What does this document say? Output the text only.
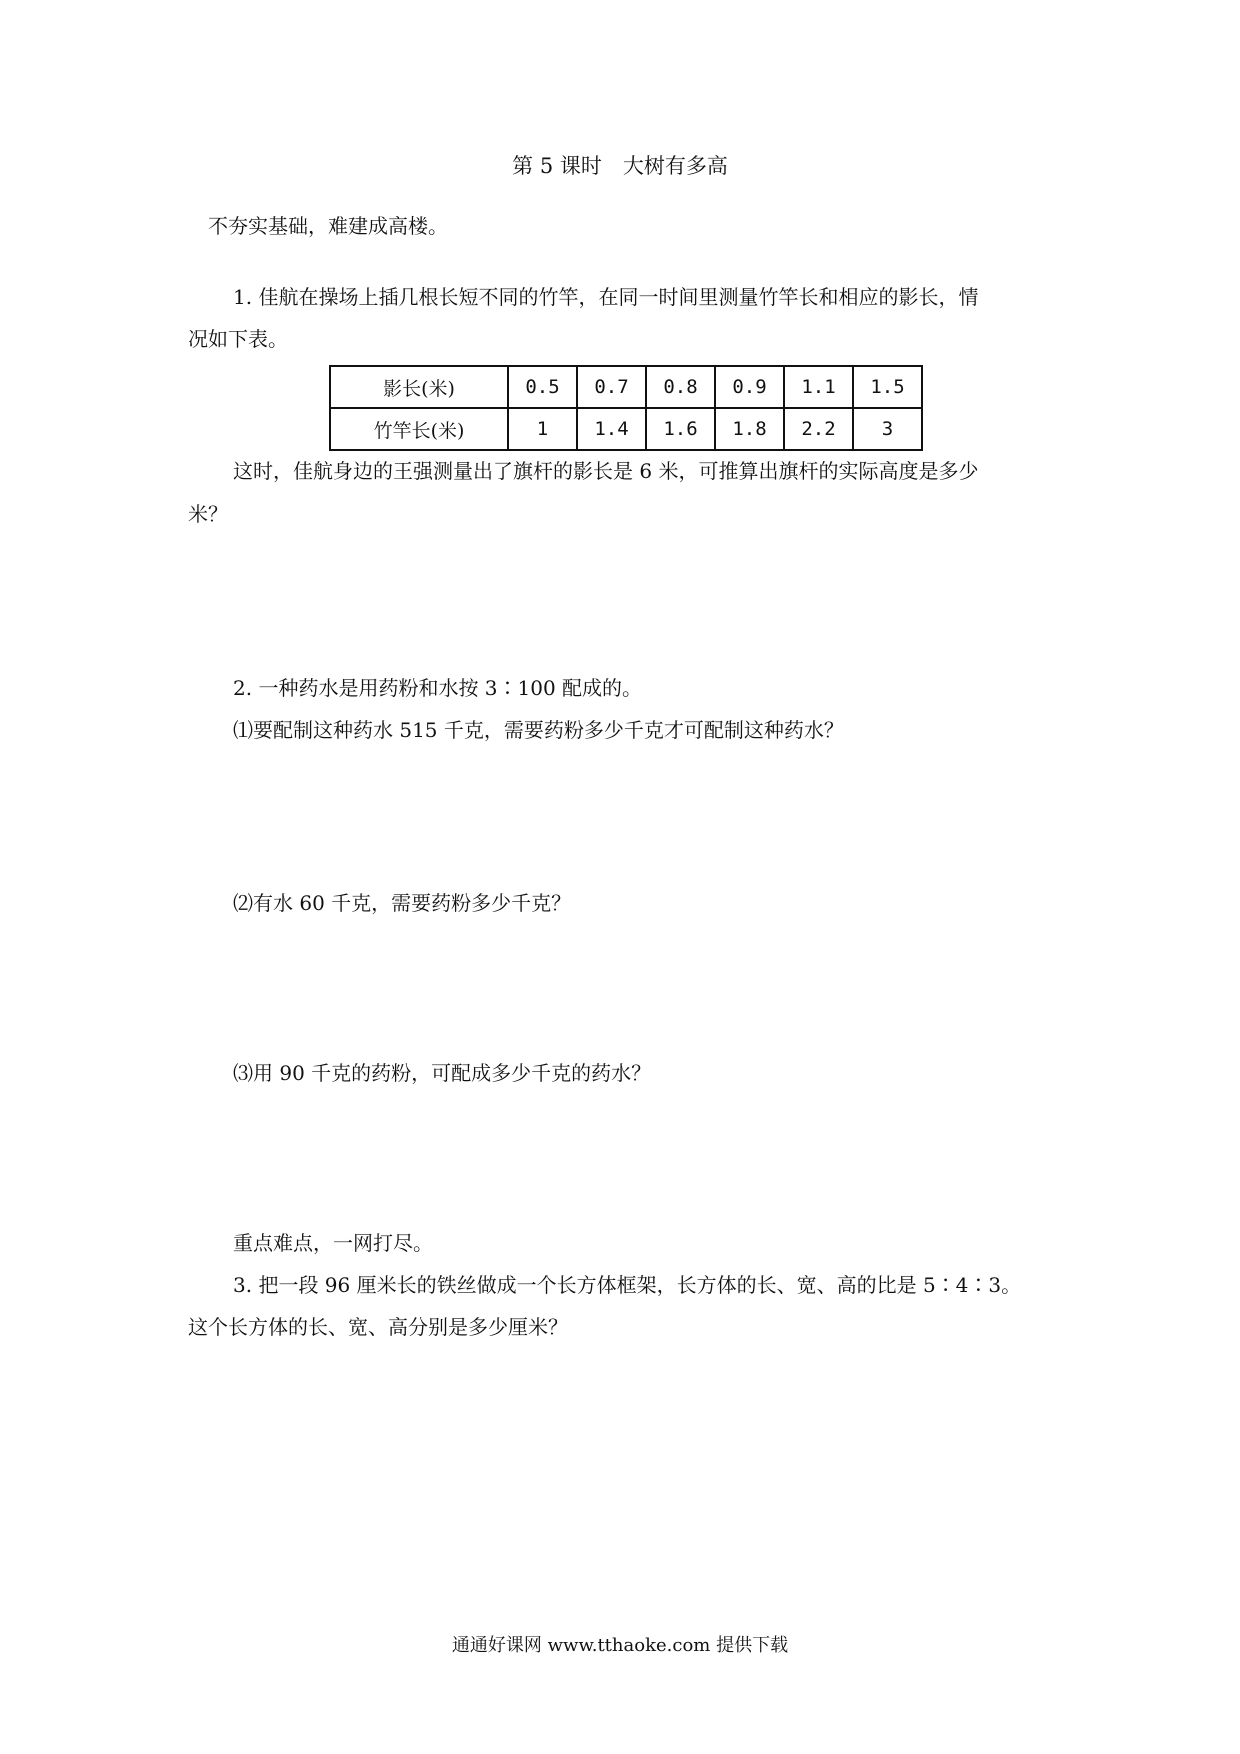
第 5 课时　大树有多高
不夯实基础，难建成高楼。
1. 佳航在操场上插几根长短不同的竹竿，在同一时间里测量竹竿长和相应的影长，情
况如下表。
影长(米)	0.5	0.7	0.8	0.9	1.1	1.5
竹竿长(米)	1	1.4	1.6	1.8	2.2	3
这时，佳航身边的王强测量出了旗杆的影长是 6 米，可推算出旗杆的实际高度是多少
米？
2. 一种药水是用药粉和水按 3∶100 配成的。
⑴要配制这种药水 515 千克，需要药粉多少千克才可配制这种药水？
⑵有水 60 千克，需要药粉多少千克？
⑶用 90 千克的药粉，可配成多少千克的药水？
重点难点，一网打尽。
3. 把一段 96 厘米长的铁丝做成一个长方体框架，长方体的长、宽、高的比是 5∶4∶3。
这个长方体的长、宽、高分别是多少厘米？
通通好课网 www.tthaoke.com 提供下载
